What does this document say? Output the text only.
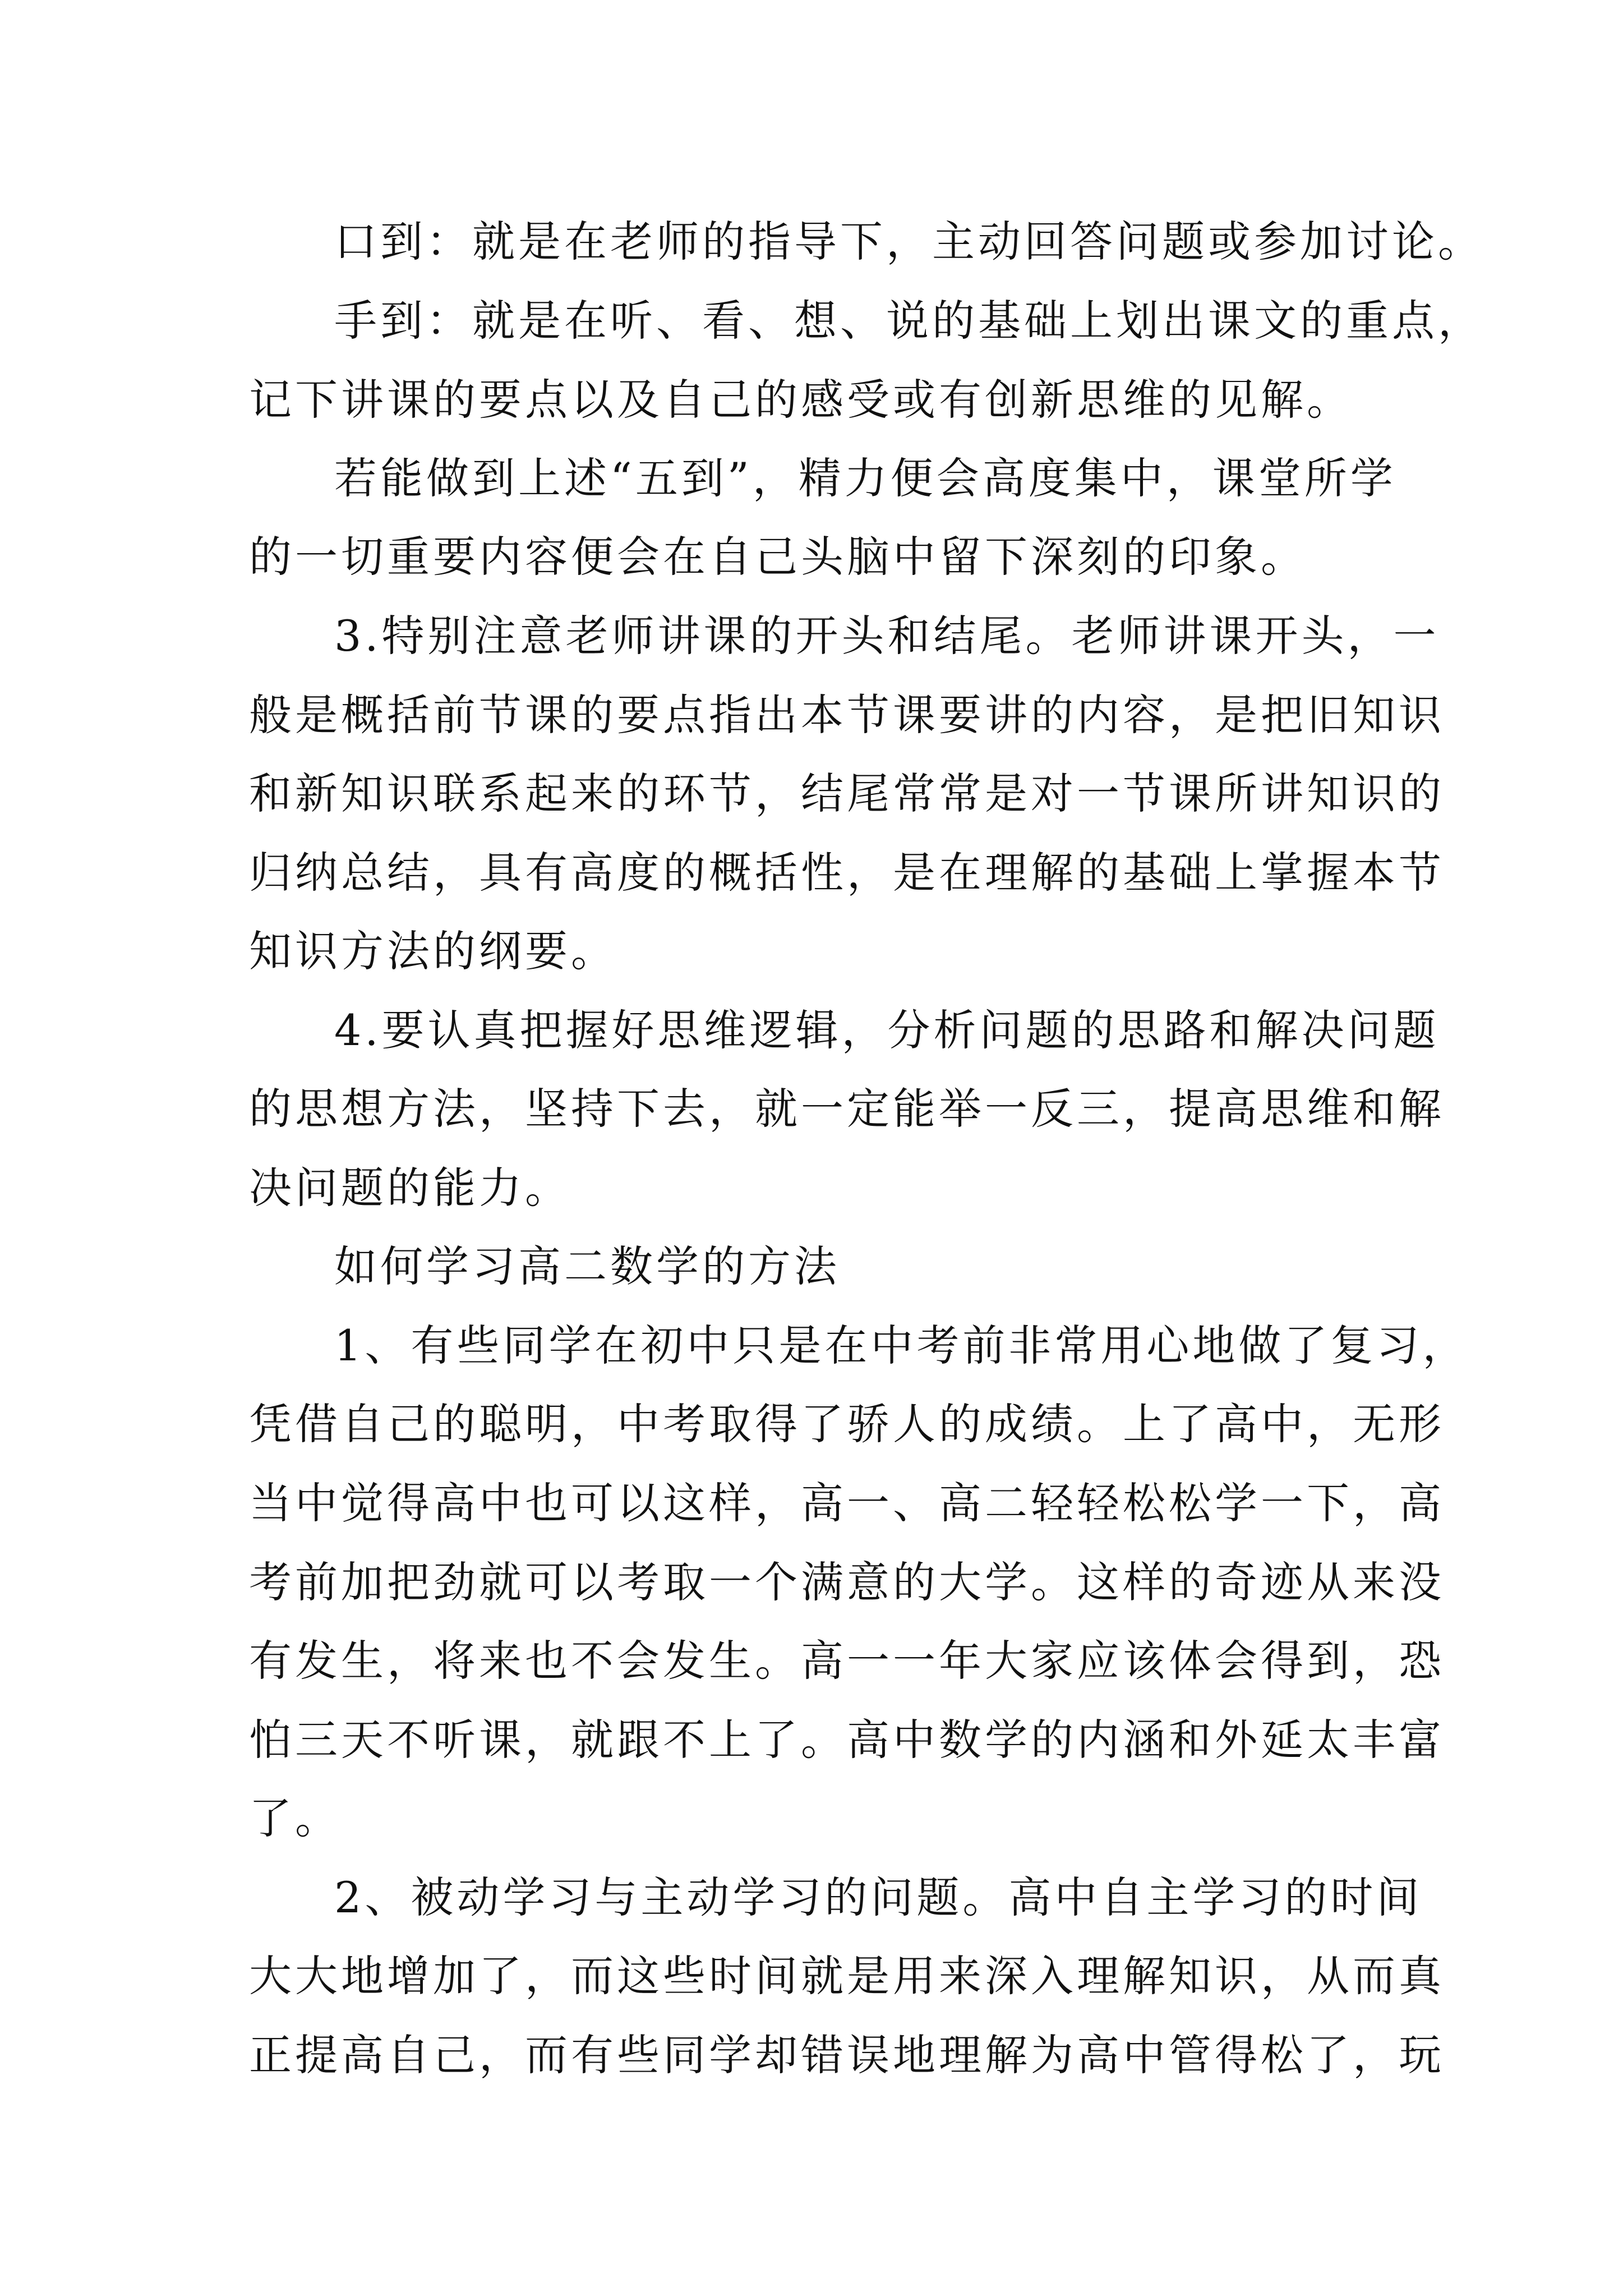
口到：就是在老师的指导下，主动回答问题或参加讨论。
手到：就是在听、看、想、说的基础上划出课文的重点，
记下讲课的要点以及自己的感受或有创新思维的见解。
若能做到上述“五到”，精力便会高度集中，课堂所学
的一切重要内容便会在自己头脑中留下深刻的印象。
3.特别注意老师讲课的开头和结尾。老师讲课开头，一
般是概括前节课的要点指出本节课要讲的内容，是把旧知识
和新知识联系起来的环节，结尾常常是对一节课所讲知识的
归纳总结，具有高度的概括性，是在理解的基础上掌握本节
知识方法的纲要。
4.要认真把握好思维逻辑，分析问题的思路和解决问题
的思想方法，坚持下去，就一定能举一反三，提高思维和解
决问题的能力。
如何学习高二数学的方法
1、有些同学在初中只是在中考前非常用心地做了复习，
凭借自己的聪明，中考取得了骄人的成绩。上了高中，无形
当中觉得高中也可以这样，高一、高二轻轻松松学一下，高
考前加把劲就可以考取一个满意的大学。这样的奇迹从来没
有发生，将来也不会发生。高一一年大家应该体会得到，恐
怕三天不听课，就跟不上了。高中数学的内涵和外延太丰富
了。
2、被动学习与主动学习的问题。高中自主学习的时间
大大地增加了，而这些时间就是用来深入理解知识，从而真
正提高自己，而有些同学却错误地理解为高中管得松了，玩
